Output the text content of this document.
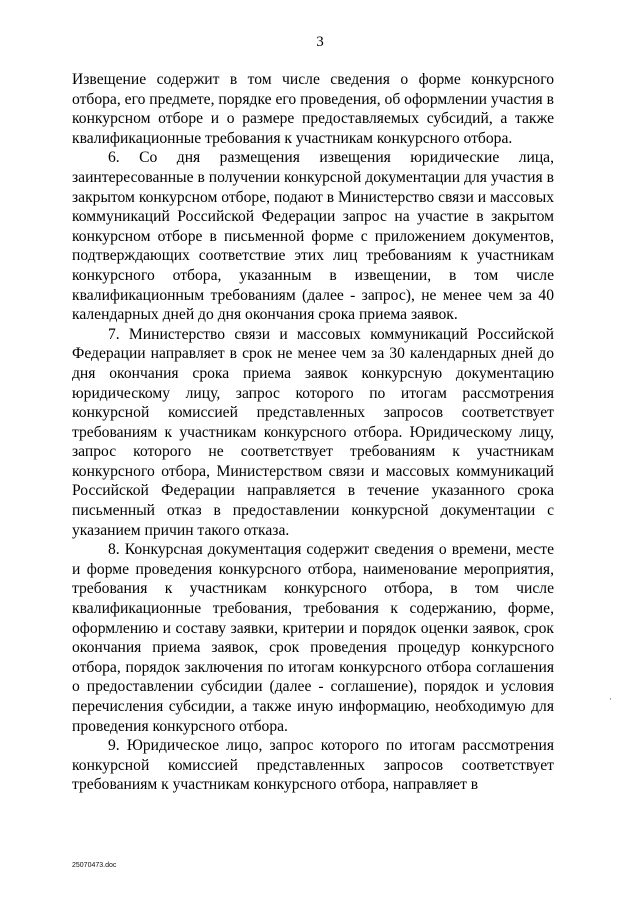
3

Извещение содержит в том числе сведения о форме конкурсного отбора, его предмете, порядке его проведения, об оформлении участия в конкурсном отборе и о размере предоставляемых субсидий, а также квалификационные требования к участникам конкурсного отбора.

6. Со дня размещения извещения юридические лица, заинтересованные в получении конкурсной документации для участия в закрытом конкурсном отборе, подают в Министерство связи и массовых коммуникаций Российской Федерации запрос на участие в закрытом конкурсном отборе в письменной форме с приложением документов, подтверждающих соответствие этих лиц требованиям к участникам конкурсного отбора, указанным в извещении, в том числе квалификационным требованиям (далее - запрос), не менее чем за 40 календарных дней до дня окончания срока приема заявок.

7. Министерство связи и массовых коммуникаций Российской Федерации направляет в срок не менее чем за 30 календарных дней до дня окончания срока приема заявок конкурсную документацию юридическому лицу, запрос которого по итогам рассмотрения конкурсной комиссией представленных запросов соответствует требованиям к участникам конкурсного отбора. Юридическому лицу, запрос которого не соответствует требованиям к участникам конкурсного отбора, Министерством связи и массовых коммуникаций Российской Федерации направляется в течение указанного срока письменный отказ в предоставлении конкурсной документации с указанием причин такого отказа.

8. Конкурсная документация содержит сведения о времени, месте и форме проведения конкурсного отбора, наименование мероприятия, требования к участникам конкурсного отбора, в том числе квалификационные требования, требования к содержанию, форме, оформлению и составу заявки, критерии и порядок оценки заявок, срок окончания приема заявок, срок проведения процедур конкурсного отбора, порядок заключения по итогам конкурсного отбора соглашения о предоставлении субсидии (далее - соглашение), порядок и условия перечисления субсидии, а также иную информацию, необходимую для проведения конкурсного отбора.

9. Юридическое лицо, запрос которого по итогам рассмотрения конкурсной комиссией представленных запросов соответствует требованиям к участникам конкурсного отбора, направляет в

·
25070473.doc
